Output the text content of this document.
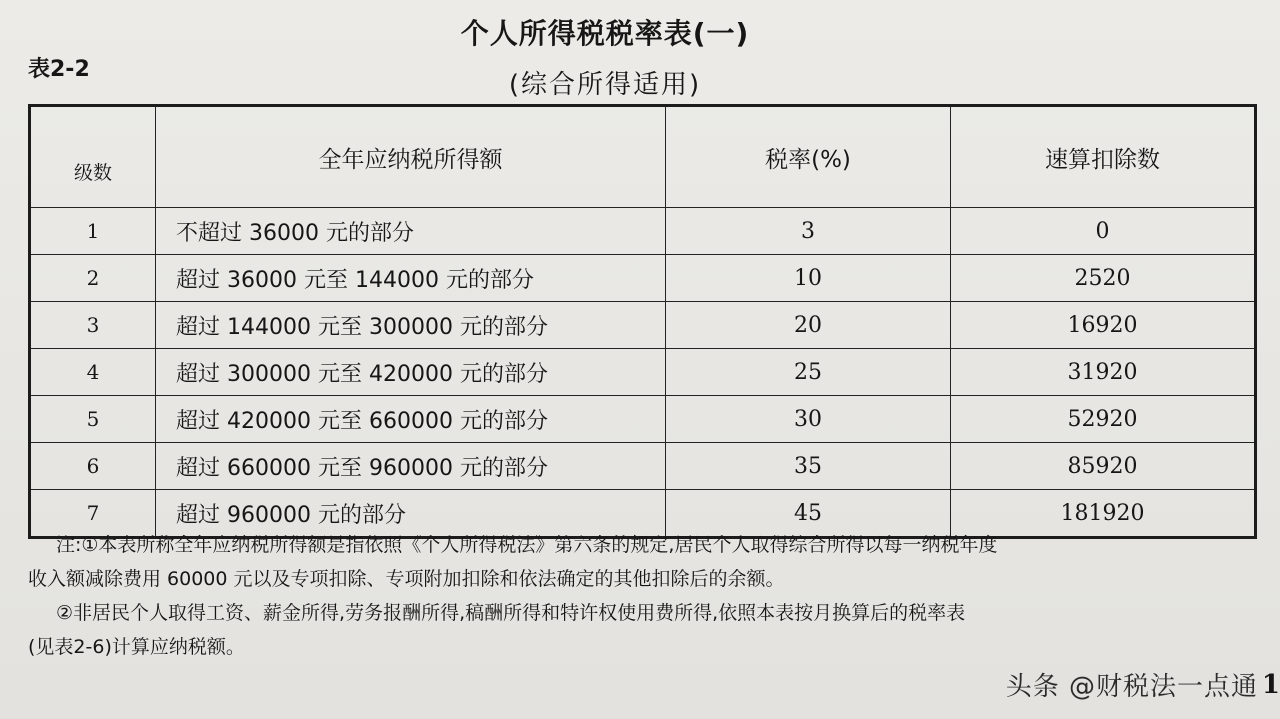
个人所得税税率表(一)
表2-2
(综合所得适用)
级数	全年应纳税所得额	税率(%)	速算扣除数
1	不超过 36000 元的部分	3	0
2	超过 36000 元至 144000 元的部分	10	2520
3	超过 144000 元至 300000 元的部分	20	16920
4	超过 300000 元至 420000 元的部分	25	31920
5	超过 420000 元至 660000 元的部分	30	52920
6	超过 660000 元至 960000 元的部分	35	85920
7	超过 960000 元的部分	45	181920

注:①本表所称全年应纳税所得额是指依照《个人所得税法》第六条的规定,居民个人取得综合所得以每一纳税年度

收入额减除费用 60000 元以及专项扣除、专项附加扣除和依法确定的其他扣除后的余额。

②非居民个人取得工资、薪金所得,劳务报酬所得,稿酬所得和特许权使用费所得,依照本表按月换算后的税率表

(见表2-6)计算应纳税额。

头条 @财税法一点通 1
